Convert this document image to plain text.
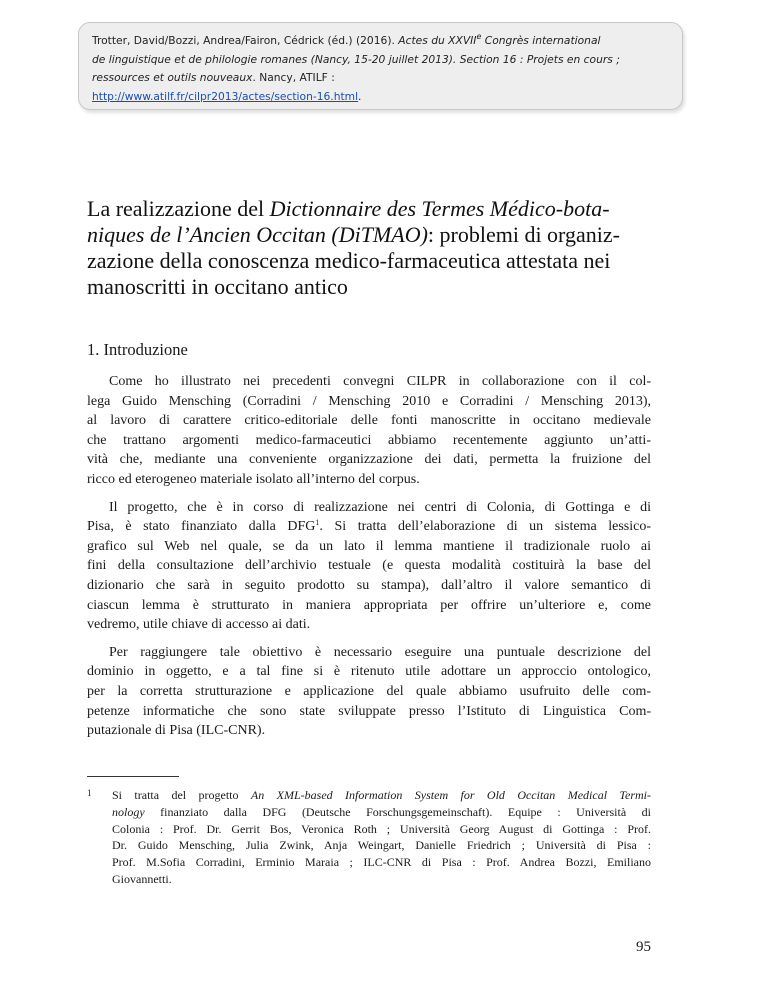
Trotter, David/Bozzi, Andrea/Fairon, Cédrick (éd.) (2016). Actes du XXVIIe Congrès international
de linguistique et de philologie romanes (Nancy, 15-20 juillet 2013). Section 16 : Projets en cours ;
ressources et outils nouveaux. Nancy, ATILF :
http://www.atilf.fr/cilpr2013/actes/section-16.html.
La realizzazione del Dictionnaire des Termes Médico-bota-
niques de l’Ancien Occitan (DiTMAO): problemi di organiz-
zazione della conoscenza medico-farmaceutica attestata nei
manoscritti in occitano antico
1. Introduzione
Come ho illustrato nei precedenti convegni CILPR in collaborazione con il col-
lega Guido Mensching (Corradini / Mensching 2010 e Corradini / Mensching 2013),
al lavoro di carattere critico-editoriale delle fonti manoscritte in occitano medievale
che trattano argomenti medico-farmaceutici abbiamo recentemente aggiunto un’atti-
vità che, mediante una conveniente organizzazione dei dati, permetta la fruizione del
ricco ed eterogeneo materiale isolato all’interno del corpus.
Il progetto, che è in corso di realizzazione nei centri di Colonia, di Gottinga e di
Pisa, è stato finanziato dalla DFG$^1$. Si tratta dell’elaborazione di un sistema lessico-
grafico sul Web nel quale, se da un lato il lemma mantiene il tradizionale ruolo ai
fini della consultazione dell’archivio testuale (e questa modalità costituirà la base del
dizionario che sarà in seguito prodotto su stampa), dall’altro il valore semantico di
ciascun lemma è strutturato in maniera appropriata per offrire un’ulteriore e, come
vedremo, utile chiave di accesso ai dati.
Per raggiungere tale obiettivo è necessario eseguire una puntuale descrizione del
dominio in oggetto, e a tal fine si è ritenuto utile adottare un approccio ontologico,
per la corretta strutturazione e applicazione del quale abbiamo usufruito delle com-
petenze informatiche che sono state sviluppate presso l’Istituto di Linguistica Com-
putazionale di Pisa (ILC-CNR).
1 Si tratta del progetto An XML-based Information System for Old Occitan Medical Termi-
nology finanziato dalla DFG (Deutsche Forschungsgemeinschaft). Equipe : Università di
Colonia : Prof. Dr. Gerrit Bos, Veronica Roth ; Università Georg August di Gottinga : Prof.
Dr. Guido Mensching, Julia Zwink, Anja Weingart, Danielle Friedrich ; Università di Pisa :
Prof. M.Sofia Corradini, Erminio Maraia ; ILC-CNR di Pisa : Prof. Andrea Bozzi, Emiliano
Giovannetti.
95
